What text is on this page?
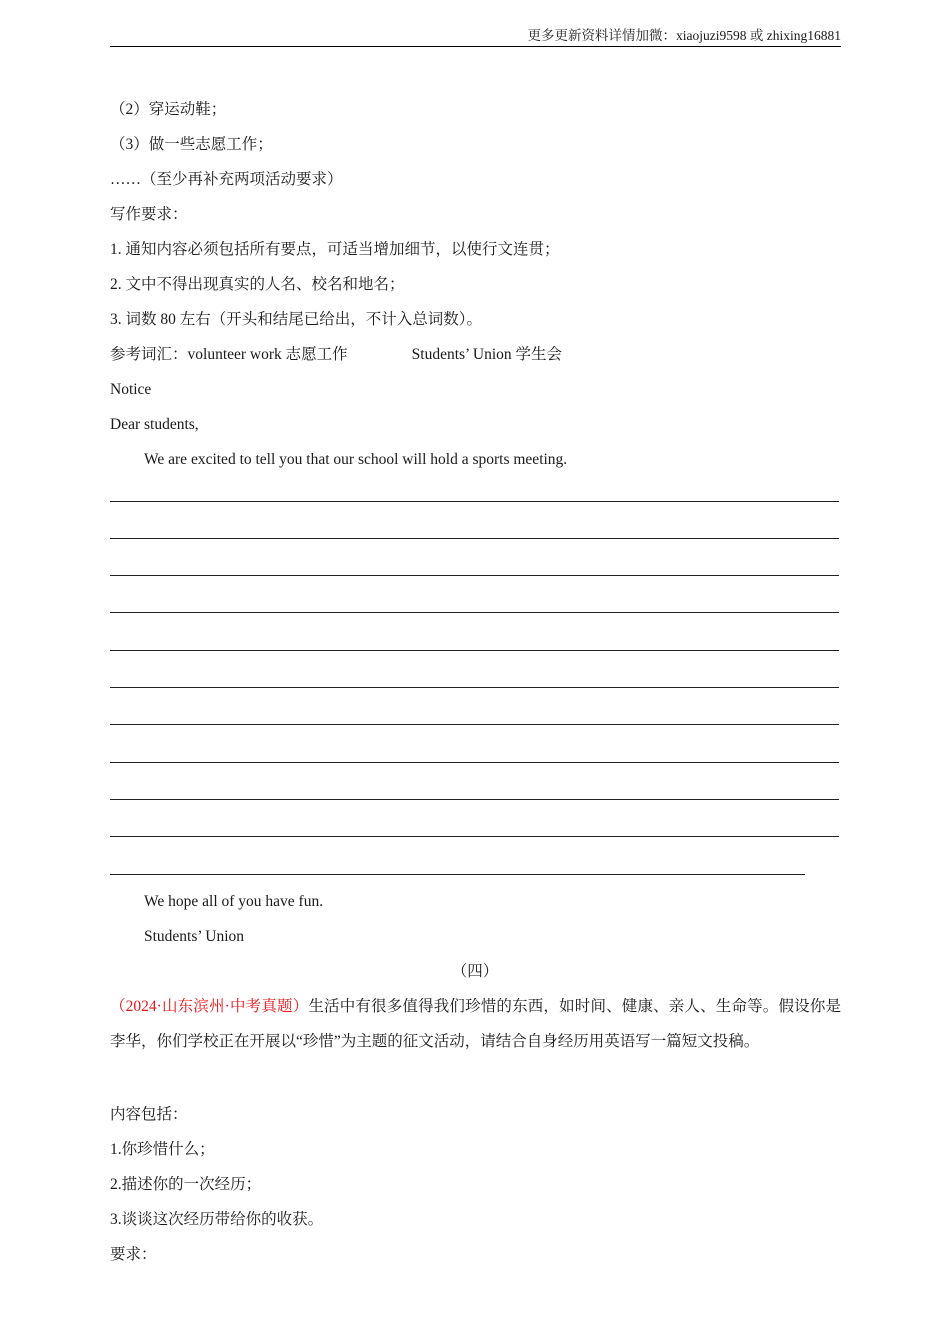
更多更新资料详情加微：xiaojuzi9598 或 zhixing16881
（2）穿运动鞋；
（3）做一些志愿工作；
……（至少再补充两项活动要求）
写作要求：
1. 通知内容必须包括所有要点，可适当增加细节，以使行文连贯；
2. 文中不得出现真实的人名、校名和地名；
3. 词数 80 左右（开头和结尾已给出，不计入总词数）。
参考词汇：volunteer work 志愿工作	Students’ Union 学生会
Notice
Dear students,
We are excited to tell you that our school will hold a sports meeting.
We hope all of you have fun.
Students’ Union
（四）
（2024·山东滨州·中考真题）生活中有很多值得我们珍惜的东西，如时间、健康、亲人、生命等。假设你是李华，你们学校正在开展以“珍惜”为主题的征文活动，请结合自身经历用英语写一篇短文投稿。
内容包括：
1.你珍惜什么；
2.描述你的一次经历；
3.谈谈这次经历带给你的收获。
要求：
